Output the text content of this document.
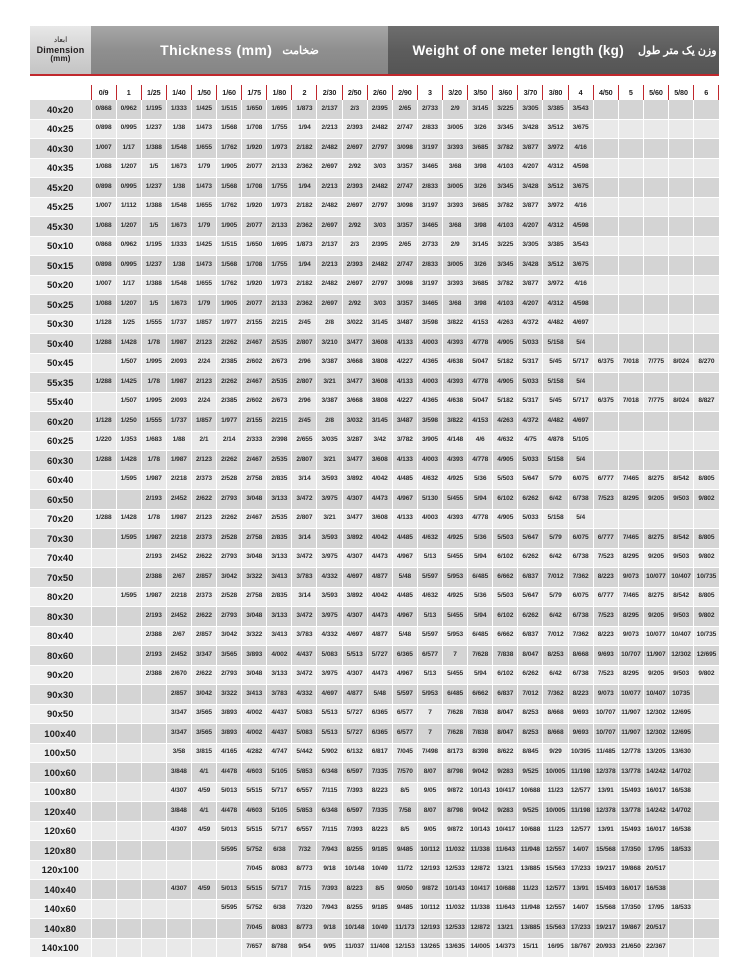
ابعاد
Dimension
(mm)
Thickness (mm) ضخامت	Weight of one meter length (kg) وزن یک متر طول
	0/9	1	1/25	1/40	1/50	1/60	1/75	1/80	2	2/30	2/50	2/60	2/90	3	3/20	3/50	3/60	3/70	3/80	4	4/50	5	5/60	5/80	6
40x20	0/868	0/962	1/195	1/333	1/425	1/515	1/650	1/695	1/873	2/137	2/3	2/395	2/65	2/733	2/9	3/145	3/225	3/305	3/385	3/543					
40x25	0/898	0/995	1/237	1/38	1/473	1/568	1/708	1/755	1/94	2/213	2/393	2/482	2/747	2/833	3/005	3/26	3/345	3/428	3/512	3/675					
40x30	1/007	1/17	1/388	1/548	1/655	1/762	1/920	1/973	2/182	2/482	2/697	2/797	3/098	3/197	3/393	3/685	3/782	3/877	3/972	4/16					
40x35	1/088	1/207	1/5	1/673	1/79	1/905	2/077	2/133	2/362	2/697	2/92	3/03	3/357	3/465	3/68	3/98	4/103	4/207	4/312	4/598					
45x20	0/898	0/995	1/237	1/38	1/473	1/568	1/708	1/755	1/94	2/213	2/393	2/482	2/747	2/833	3/005	3/26	3/345	3/428	3/512	3/675					
45x25	1/007	1/112	1/388	1/548	1/655	1/762	1/920	1/973	2/182	2/482	2/697	2/797	3/098	3/197	3/393	3/685	3/782	3/877	3/972	4/16					
45x30	1/088	1/207	1/5	1/673	1/79	1/905	2/077	2/133	2/362	2/697	2/92	3/03	3/357	3/465	3/68	3/98	4/103	4/207	4/312	4/598					
50x10	0/868	0/962	1/195	1/333	1/425	1/515	1/650	1/695	1/873	2/137	2/3	2/395	2/65	2/733	2/9	3/145	3/225	3/305	3/385	3/543					
50x15	0/898	0/995	1/237	1/38	1/473	1/568	1/708	1/755	1/94	2/213	2/393	2/482	2/747	2/833	3/005	3/26	3/345	3/428	3/512	3/675					
50x20	1/007	1/17	1/388	1/548	1/655	1/762	1/920	1/973	2/182	2/482	2/697	2/797	3/098	3/197	3/393	3/685	3/782	3/877	3/972	4/16					
50x25	1/088	1/207	1/5	1/673	1/79	1/905	2/077	2/133	2/362	2/697	2/92	3/03	3/357	3/465	3/68	3/98	4/103	4/207	4/312	4/598					
50x30	1/128	1/25	1/555	1/737	1/857	1/977	2/155	2/215	2/45	2/8	3/022	3/145	3/487	3/598	3/822	4/153	4/263	4/372	4/482	4/697					
50x40	1/288	1/428	1/78	1/987	2/123	2/262	2/467	2/535	2/807	3/210	3/477	3/608	4/133	4/003	4/393	4/778	4/905	5/033	5/158	5/4					
50x45		1/507	1/995	2/093	2/24	2/385	2/602	2/673	2/96	3/387	3/668	3/808	4/227	4/365	4/638	5/047	5/182	5/317	5/45	5/717	6/375	7/018	7/775	8/024	8/270
55x35	1/288	1/425	1/78	1/987	2/123	2/262	2/467	2/535	2/807	3/21	3/477	3/608	4/133	4/003	4/393	4/778	4/905	5/033	5/158	5/4					
55x40		1/507	1/995	2/093	2/24	2/385	2/602	2/673	2/96	3/387	3/668	3/808	4/227	4/365	4/638	5/047	5/182	5/317	5/45	5/717	6/375	7/018	7/775	8/024	8/827
60x20	1/128	1/250	1/555	1/737	1/857	1/977	2/155	2/215	2/45	2/8	3/032	3/145	3/487	3/598	3/822	4/153	4/263	4/372	4/482	4/697					
60x25	1/220	1/353	1/683	1/88	2/1	2/14	2/333	2/398	2/655	3/035	3/287	3/42	3/782	3/905	4/148	4/6	4/632	4/75	4/878	5/105					
60x30	1/288	1/428	1/78	1/987	2/123	2/262	2/467	2/535	2/807	3/21	3/477	3/608	4/133	4/003	4/393	4/778	4/905	5/033	5/158	5/4					
60x40		1/595	1/987	2/218	2/373	2/528	2/758	2/835	3/14	3/593	3/892	4/042	4/485	4/632	4/925	5/36	5/503	5/647	5/79	6/075	6/777	7/465	8/275	8/542	8/805
60x50			2/193	2/452	2/622	2/793	3/048	3/133	3/472	3/975	4/307	4/473	4/967	5/130	5/455	5/94	6/102	6/262	6/42	6/738	7/523	8/295	9/205	9/503	9/802
70x20	1/288	1/428	1/78	1/987	2/123	2/262	2/467	2/535	2/807	3/21	3/477	3/608	4/133	4/003	4/393	4/778	4/905	5/033	5/158	5/4					
70x30		1/595	1/987	2/218	2/373	2/528	2/758	2/835	3/14	3/593	3/892	4/042	4/485	4/632	4/925	5/36	5/503	5/647	5/79	6/075	6/777	7/465	8/275	8/542	8/805
70x40			2/193	2/452	2/622	2/793	3/048	3/133	3/472	3/975	4/307	4/473	4/967	5/13	5/455	5/94	6/102	6/262	6/42	6/738	7/523	8/295	9/205	9/503	9/802
70x50			2/388	2/67	2/857	3/042	3/322	3/413	3/783	4/332	4/697	4/877	5/48	5/597	5/953	6/485	6/662	6/837	7/012	7/362	8/223	9/073	10/077	10/407	10/735
80x20		1/595	1/987	2/218	2/373	2/528	2/758	2/835	3/14	3/593	3/892	4/042	4/485	4/632	4/925	5/36	5/503	5/647	5/79	6/075	6/777	7/465	8/275	8/542	8/805
80x30			2/193	2/452	2/622	2/793	3/048	3/133	3/472	3/975	4/307	4/473	4/967	5/13	5/455	5/94	6/102	6/262	6/42	6/738	7/523	8/295	9/205	9/503	9/802
80x40			2/388	2/67	2/857	3/042	3/322	3/413	3/783	4/332	4/697	4/877	5/48	5/597	5/953	6/485	6/662	6/837	7/012	7/362	8/223	9/073	10/077	10/407	10/735
80x60			2/193	2/452	3/347	3/565	3/893	4/002	4/437	5/083	5/513	5/727	6/365	6/577	7	7/628	7/838	8/047	8/253	8/668	9/693	10/707	11/907	12/302	12/695
90x20			2/388	2/670	2/622	2/793	3/048	3/133	3/472	3/975	4/307	4/473	4/967	5/13	5/455	5/94	6/102	6/262	6/42	6/738	7/523	8/295	9/205	9/503	9/802
90x30				2/857	3/042	3/322	3/413	3/783	4/332	4/697	4/877	5/48	5/597	5/953	6/485	6/662	6/837	7/012	7/362	8/223	9/073	10/077	10/407	10735	
90x50				3/347	3/565	3/893	4/002	4/437	5/083	5/513	5/727	6/365	6/577	7	7/628	7/838	8/047	8/253	8/668	9/693	10/707	11/907	12/302	12/695	
100x40				3/347	3/565	3/893	4/002	4/437	5/083	5/513	5/727	6/365	6/577	7	7/628	7/838	8/047	8/253	8/668	9/693	10/707	11/907	12/302	12/695	
100x50				3/58	3/815	4/165	4/282	4/747	5/442	5/902	6/132	6/817	7/045	7/498	8/173	8/398	8/622	8/845	9/29	10/395	11/485	12/778	13/205	13/630	
100x60				3/848	4/1	4/478	4/603	5/105	5/853	6/348	6/597	7/335	7/570	8/07	8/798	9/042	9/283	9/525	10/005	11/198	12/378	13/778	14/242	14/702	
100x80				4/307	4/59	5/013	5/515	5/717	6/557	7/115	7/393	8/223	8/5	9/05	9/872	10/143	10/417	10/688	11/23	12/577	13/91	15/493	16/017	16/538	
120x40				3/848	4/1	4/478	4/603	5/105	5/853	6/348	6/597	7/335	7/58	8/07	8/798	9/042	9/283	9/525	10/005	11/198	12/378	13/778	14/242	14/702	
120x60				4/307	4/59	5/013	5/515	5/717	6/557	7/115	7/393	8/223	8/5	9/05	9/872	10/143	10/417	10/688	11/23	12/577	13/91	15/493	16/017	16/538	
120x80						5/595	5/752	6/38	7/32	7/943	8/255	9/185	9/485	10/112	11/032	11/338	11/643	11/948	12/557	14/07	15/568	17/350	17/95	18/533	
120x100							7/045	8/083	8/773	9/18	10/148	10/49	11/72	12/193	12/533	12/872	13/21	13/885	15/563	17/233	19/217	19/868	20/517		
140x40				4/307	4/59	5/013	5/515	5/717	7/15	7/393	8/223	8/5	9/050	9/872	10/143	10/417	10/688	11/23	12/577	13/91	15/493	16/017	16/538		
140x60						5/595	5/752	6/38	7/320	7/943	8/255	9/185	9/485	10/112	11/032	11/338	11/643	11/948	12/557	14/07	15/568	17/350	17/95	18/533	
140x80							7/045	8/083	8/773	9/18	10/148	10/49	11/173	12/193	12/533	12/872	13/21	13/885	15/563	17/233	19/217	19/867	20/517		
140x100							7/657	8/788	9/54	9/95	11/037	11/408	12/153	13/265	13/635	14/005	14/373	15/11	16/95	18/767	20/933	21/650	22/367		
